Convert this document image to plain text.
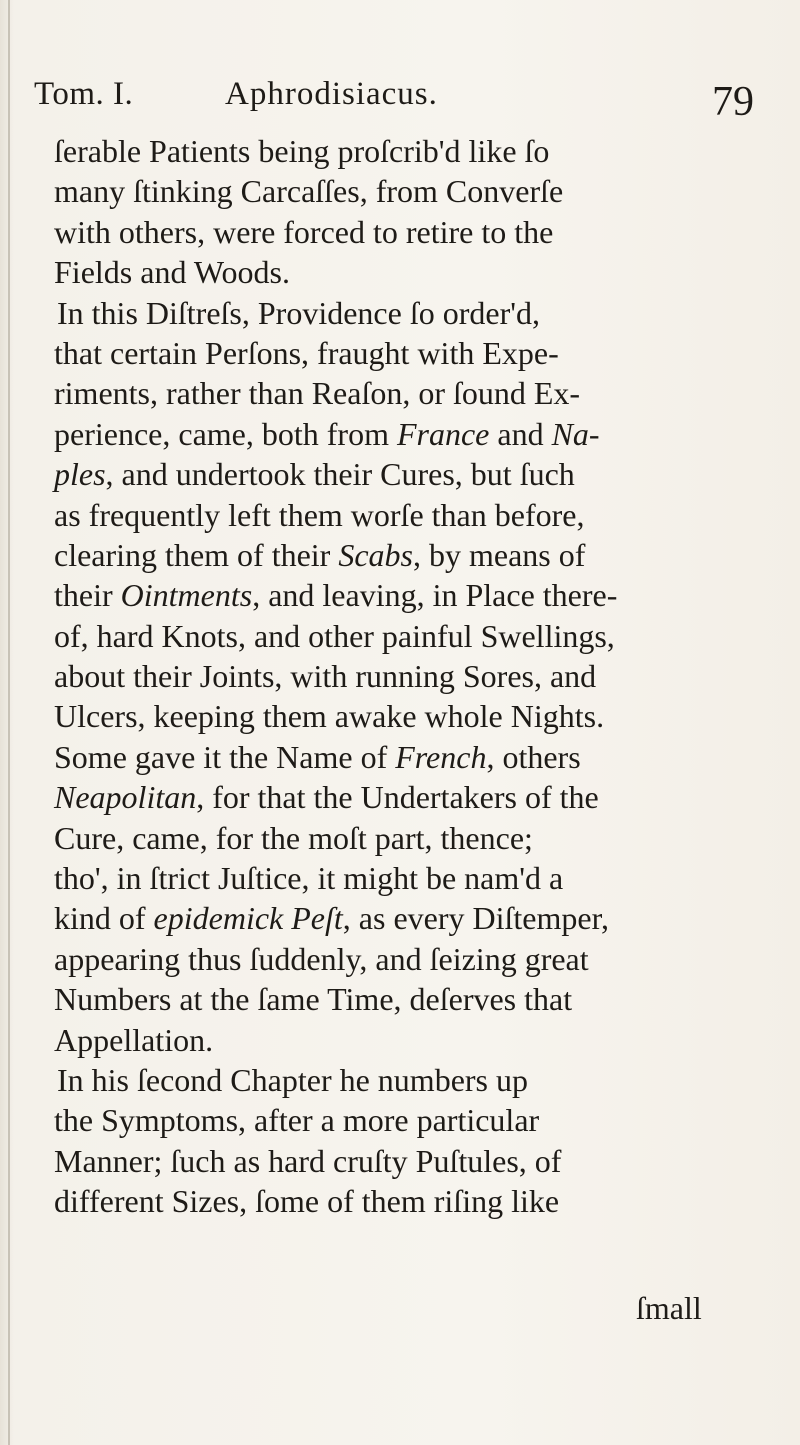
Tom. I.	Aphrodisiacus.	79
ſerable Patients being proſcrib'd like ſo
many ſtinking Carcaſſes, from Converſe
with others, were forced to retire to the
Fields and Woods.
In this Diſtreſs, Providence ſo order'd,
that certain Perſons, fraught with Expe-
riments, rather than Reaſon, or ſound Ex-
perience, came, both from France and Na-
ples, and undertook their Cures, but ſuch
as frequently left them worſe than before,
clearing them of their Scabs, by means of
their Ointments, and leaving, in Place there-
of, hard Knots, and other painful Swellings,
about their Joints, with running Sores, and
Ulcers, keeping them awake whole Nights.
Some gave it the Name of French, others
Neapolitan, for that the Undertakers of the
Cure, came, for the moſt part, thence;
tho', in ſtrict Juſtice, it might be nam'd a
kind of epidemick Peſt, as every Diſtemper,
appearing thus ſuddenly, and ſeizing great
Numbers at the ſame Time, deſerves that
Appellation.
In his ſecond Chapter he numbers up
the Symptoms, after a more particular
Manner; ſuch as hard cruſty Puſtules, of
different Sizes, ſome of them riſing like
ſmall
